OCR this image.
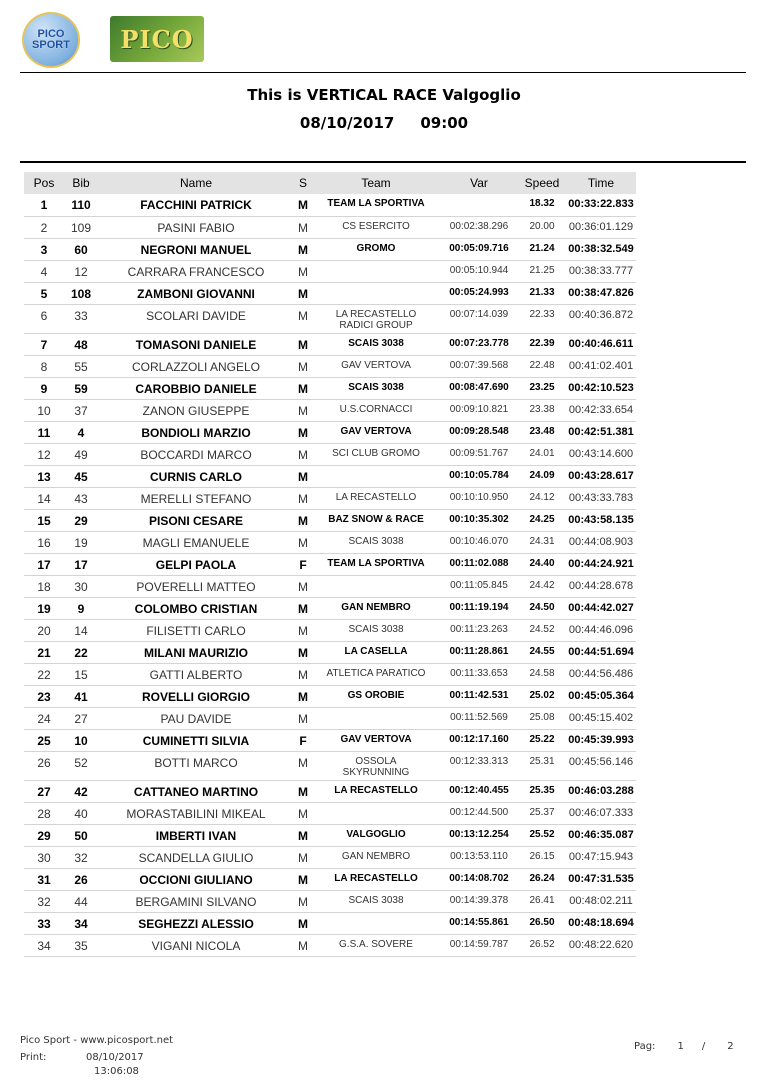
PICO
SPORT PICO
This is VERTICAL RACE Valgoglio
08/10/2017 09:00
Pos	Bib	Name	S	Team	Var	Speed	Time
1	110	FACCHINI PATRICK	M	TEAM LA SPORTIVA		18.32	00:33:22.833
2	109	PASINI FABIO	M	CS ESERCITO	00:02:38.296	20.00	00:36:01.129
3	60	NEGRONI MANUEL	M	GROMO	00:05:09.716	21.24	00:38:32.549
4	12	CARRARA FRANCESCO	M		00:05:10.944	21.25	00:38:33.777
5	108	ZAMBONI GIOVANNI	M		00:05:24.993	21.33	00:38:47.826
6	33	SCOLARI DAVIDE	M	LA RECASTELLO
RADICI GROUP	00:07:14.039	22.33	00:40:36.872
7	48	TOMASONI DANIELE	M	SCAIS 3038	00:07:23.778	22.39	00:40:46.611
8	55	CORLAZZOLI ANGELO	M	GAV VERTOVA	00:07:39.568	22.48	00:41:02.401
9	59	CAROBBIO DANIELE	M	SCAIS 3038	00:08:47.690	23.25	00:42:10.523
10	37	ZANON GIUSEPPE	M	U.S.CORNACCI	00:09:10.821	23.38	00:42:33.654
11	4	BONDIOLI MARZIO	M	GAV VERTOVA	00:09:28.548	23.48	00:42:51.381
12	49	BOCCARDI MARCO	M	SCI CLUB GROMO	00:09:51.767	24.01	00:43:14.600
13	45	CURNIS CARLO	M		00:10:05.784	24.09	00:43:28.617
14	43	MERELLI STEFANO	M	LA RECASTELLO	00:10:10.950	24.12	00:43:33.783
15	29	PISONI CESARE	M	BAZ SNOW & RACE	00:10:35.302	24.25	00:43:58.135
16	19	MAGLI EMANUELE	M	SCAIS 3038	00:10:46.070	24.31	00:44:08.903
17	17	GELPI PAOLA	F	TEAM LA SPORTIVA	00:11:02.088	24.40	00:44:24.921
18	30	POVERELLI MATTEO	M		00:11:05.845	24.42	00:44:28.678
19	9	COLOMBO CRISTIAN	M	GAN NEMBRO	00:11:19.194	24.50	00:44:42.027
20	14	FILISETTI CARLO	M	SCAIS 3038	00:11:23.263	24.52	00:44:46.096
21	22	MILANI MAURIZIO	M	LA CASELLA	00:11:28.861	24.55	00:44:51.694
22	15	GATTI ALBERTO	M	ATLETICA PARATICO	00:11:33.653	24.58	00:44:56.486
23	41	ROVELLI GIORGIO	M	GS OROBIE	00:11:42.531	25.02	00:45:05.364
24	27	PAU DAVIDE	M		00:11:52.569	25.08	00:45:15.402
25	10	CUMINETTI SILVIA	F	GAV VERTOVA	00:12:17.160	25.22	00:45:39.993
26	52	BOTTI MARCO	M	OSSOLA
SKYRUNNING	00:12:33.313	25.31	00:45:56.146
27	42	CATTANEO MARTINO	M	LA RECASTELLO	00:12:40.455	25.35	00:46:03.288
28	40	MORASTABILINI MIKEAL	M		00:12:44.500	25.37	00:46:07.333
29	50	IMBERTI IVAN	M	VALGOGLIO	00:13:12.254	25.52	00:46:35.087
30	32	SCANDELLA GIULIO	M	GAN NEMBRO	00:13:53.110	26.15	00:47:15.943
31	26	OCCIONI GIULIANO	M	LA RECASTELLO	00:14:08.702	26.24	00:47:31.535
32	44	BERGAMINI SILVANO	M	SCAIS 3038	00:14:39.378	26.41	00:48:02.211
33	34	SEGHEZZI ALESSIO	M		00:14:55.861	26.50	00:48:18.694
34	35	VIGANI NICOLA	M	G.S.A. SOVERE	00:14:59.787	26.52	00:48:22.620
Pico Sport - www.picosport.net
Print:	08/10/2017
13:06:08
Pag: 1 / 2
